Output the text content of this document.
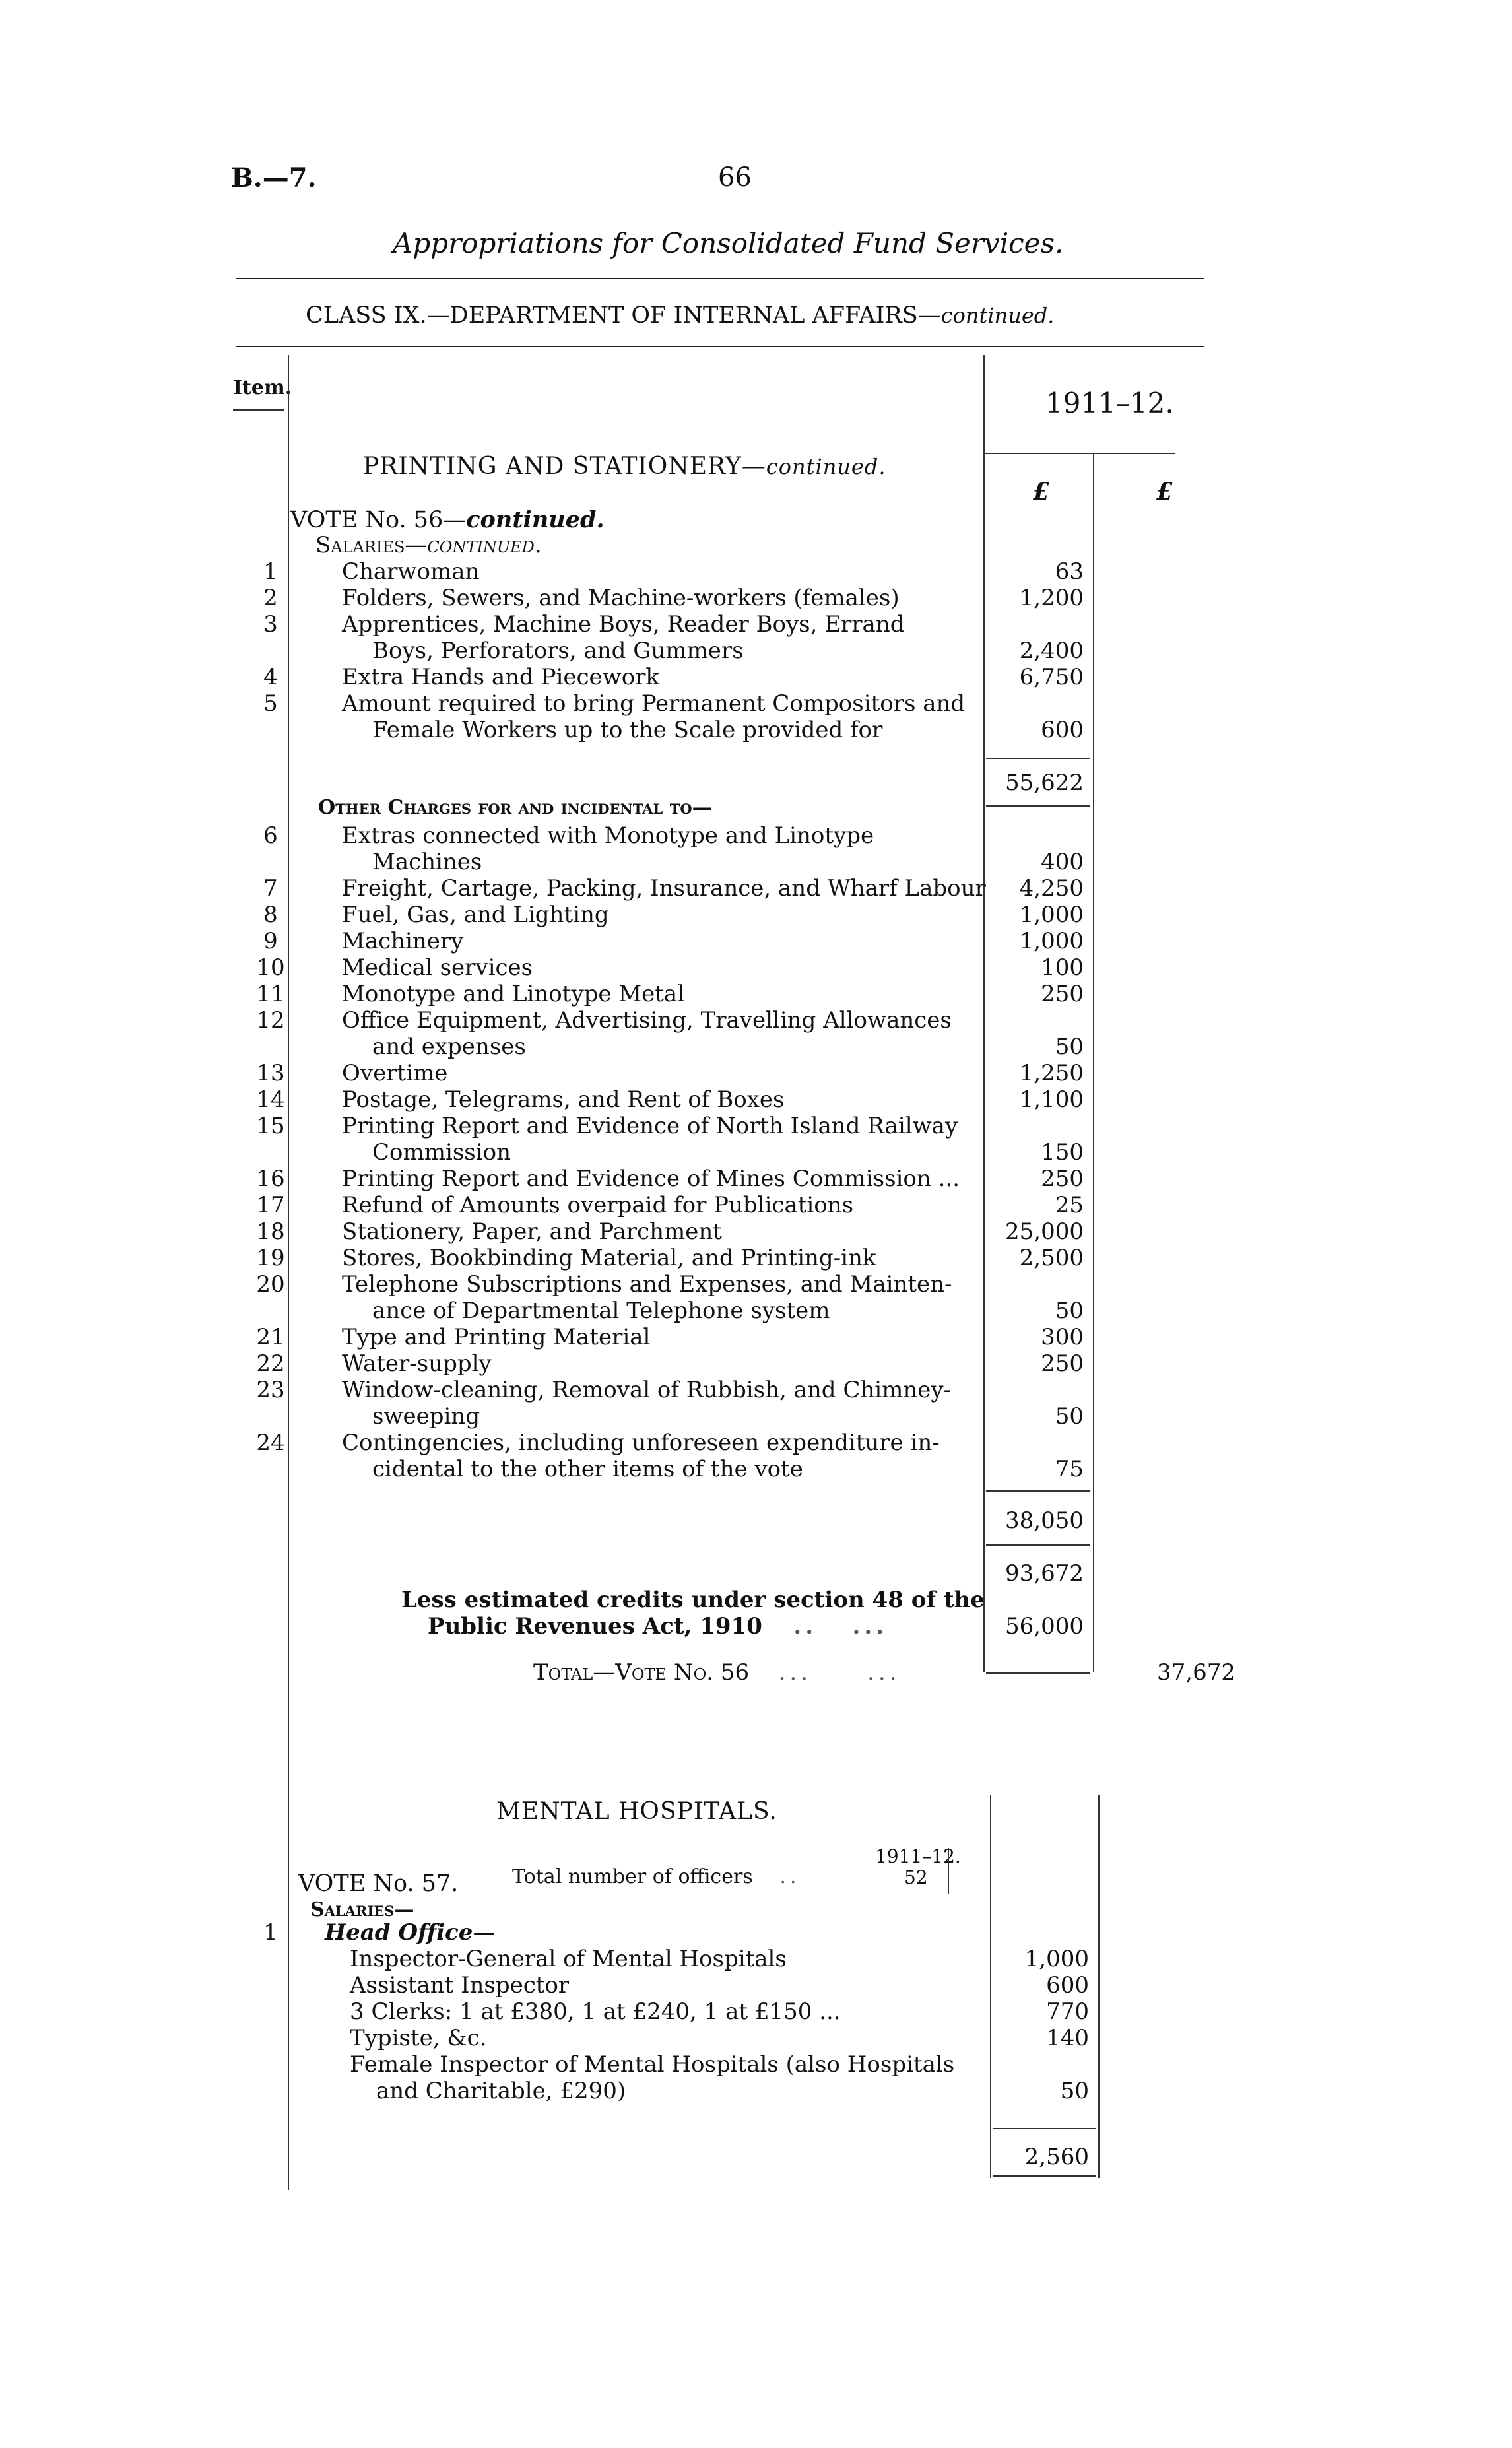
B.—7.	66
Appropriations for Consolidated Fund Services.
CLASS IX.—DEPARTMENT OF INTERNAL AFFAIRS—continued.
Item.	1911–12.
£	£
PRINTING AND STATIONERY—continued.
VOTE No. 56—continued.
Salaries—continued.
1	Charwoman	63
2	Folders, Sewers, and Machine-workers (females)	1,200
3	Apprentices, Machine Boys, Reader Boys, Errand
Boys, Perforators, and Gummers	2,400
4	Extra Hands and Piecework	6,750
5	Amount required to bring Permanent Compositors and
Female Workers up to the Scale provided for	600
55,622
Other Charges for and incidental to—
6	Extras connected with Monotype and Linotype
Machines	400
7	Freight, Cartage, Packing, Insurance, and Wharf Labour	4,250
8	Fuel, Gas, and Lighting	1,000
9	Machinery	1,000
10	Medical services	100
11	Monotype and Linotype Metal	250
12	Office Equipment, Advertising, Travelling Allowances
and expenses	50
13	Overtime	1,250
14	Postage, Telegrams, and Rent of Boxes	1,100
15	Printing Report and Evidence of North Island Railway
Commission	150
16	Printing Report and Evidence of Mines Commission ...	250
17	Refund of Amounts overpaid for Publications	25
18	Stationery, Paper, and Parchment	25,000
19	Stores, Bookbinding Material, and Printing-ink	2,500
20	Telephone Subscriptions and Expenses, and Mainten-
ance of Departmental Telephone system	50
21	Type and Printing Material	300
22	Water-supply	250
23	Window-cleaning, Removal of Rubbish, and Chimney-
sweeping	50
24	Contingencies, including unforeseen expenditure in-
cidental to the other items of the vote	75
38,050
93,672
Less estimated credits under section 48 of the
Public Revenues Act, 1910   ..   ...	56,000
Total—Vote No. 56   ...     ...	37,672
MENTAL HOSPITALS.
1911–12.
Total number of officers   ..	52
VOTE No. 57.
Salaries—
1	Head Office—
Inspector-General of Mental Hospitals	1,000
Assistant Inspector	600
3 Clerks: 1 at £380, 1 at £240, 1 at £150 ...	770
Typiste, &c.	140
Female Inspector of Mental Hospitals (also Hospitals
and Charitable, £290)	50
2,560
